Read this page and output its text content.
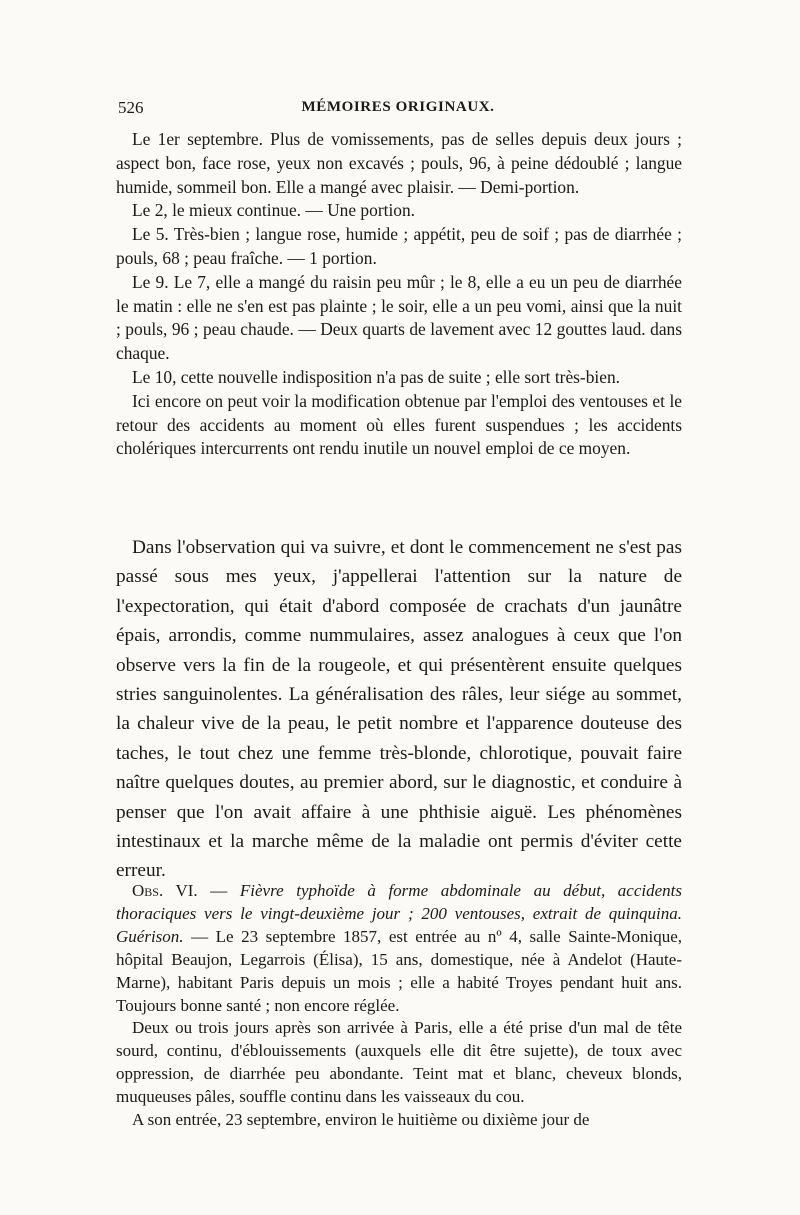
526	MÉMOIRES ORIGINAUX.

Le 1er septembre. Plus de vomissements, pas de selles depuis deux jours ; aspect bon, face rose, yeux non excavés ; pouls, 96, à peine dédoublé ; langue humide, sommeil bon. Elle a mangé avec plaisir. — Demi-portion.

Le 2, le mieux continue. — Une portion.

Le 5. Très-bien ; langue rose, humide ; appétit, peu de soif ; pas de diarrhée ; pouls, 68 ; peau fraîche. — 1 portion.

Le 9. Le 7, elle a mangé du raisin peu mûr ; le 8, elle a eu un peu de diarrhée le matin : elle ne s'en est pas plainte ; le soir, elle a un peu vomi, ainsi que la nuit ; pouls, 96 ; peau chaude. — Deux quarts de lavement avec 12 gouttes laud. dans chaque.

Le 10, cette nouvelle indisposition n'a pas de suite ; elle sort très-bien.

Ici encore on peut voir la modification obtenue par l'emploi des ventouses et le retour des accidents au moment où elles furent suspendues ; les accidents cholériques intercurrents ont rendu inutile un nouvel emploi de ce moyen.

Dans l'observation qui va suivre, et dont le commencement ne s'est pas passé sous mes yeux, j'appellerai l'attention sur la nature de l'expectoration, qui était d'abord composée de crachats d'un jaunâtre épais, arrondis, comme nummulaires, assez analogues à ceux que l'on observe vers la fin de la rougeole, et qui présentèrent ensuite quelques stries sanguinolentes. La généralisation des râles, leur siége au sommet, la chaleur vive de la peau, le petit nombre et l'apparence douteuse des taches, le tout chez une femme très-blonde, chlorotique, pouvait faire naître quelques doutes, au premier abord, sur le diagnostic, et conduire à penser que l'on avait affaire à une phthisie aiguë. Les phénomènes intestinaux et la marche même de la maladie ont permis d'éviter cette erreur.

Obs. VI. — Fièvre typhoïde à forme abdominale au début, accidents thoraciques vers le vingt-deuxième jour ; 200 ventouses, extrait de quinquina. Guérison. — Le 23 septembre 1857, est entrée au nº 4, salle Sainte-Monique, hôpital Beaujon, Legarrois (Élisa), 15 ans, domestique, née à Andelot (Haute-Marne), habitant Paris depuis un mois ; elle a habité Troyes pendant huit ans. Toujours bonne santé ; non encore réglée.

Deux ou trois jours après son arrivée à Paris, elle a été prise d'un mal de tête sourd, continu, d'éblouissements (auxquels elle dit être sujette), de toux avec oppression, de diarrhée peu abondante. Teint mat et blanc, cheveux blonds, muqueuses pâles, souffle continu dans les vaisseaux du cou.

A son entrée, 23 septembre, environ le huitième ou dixième jour de
